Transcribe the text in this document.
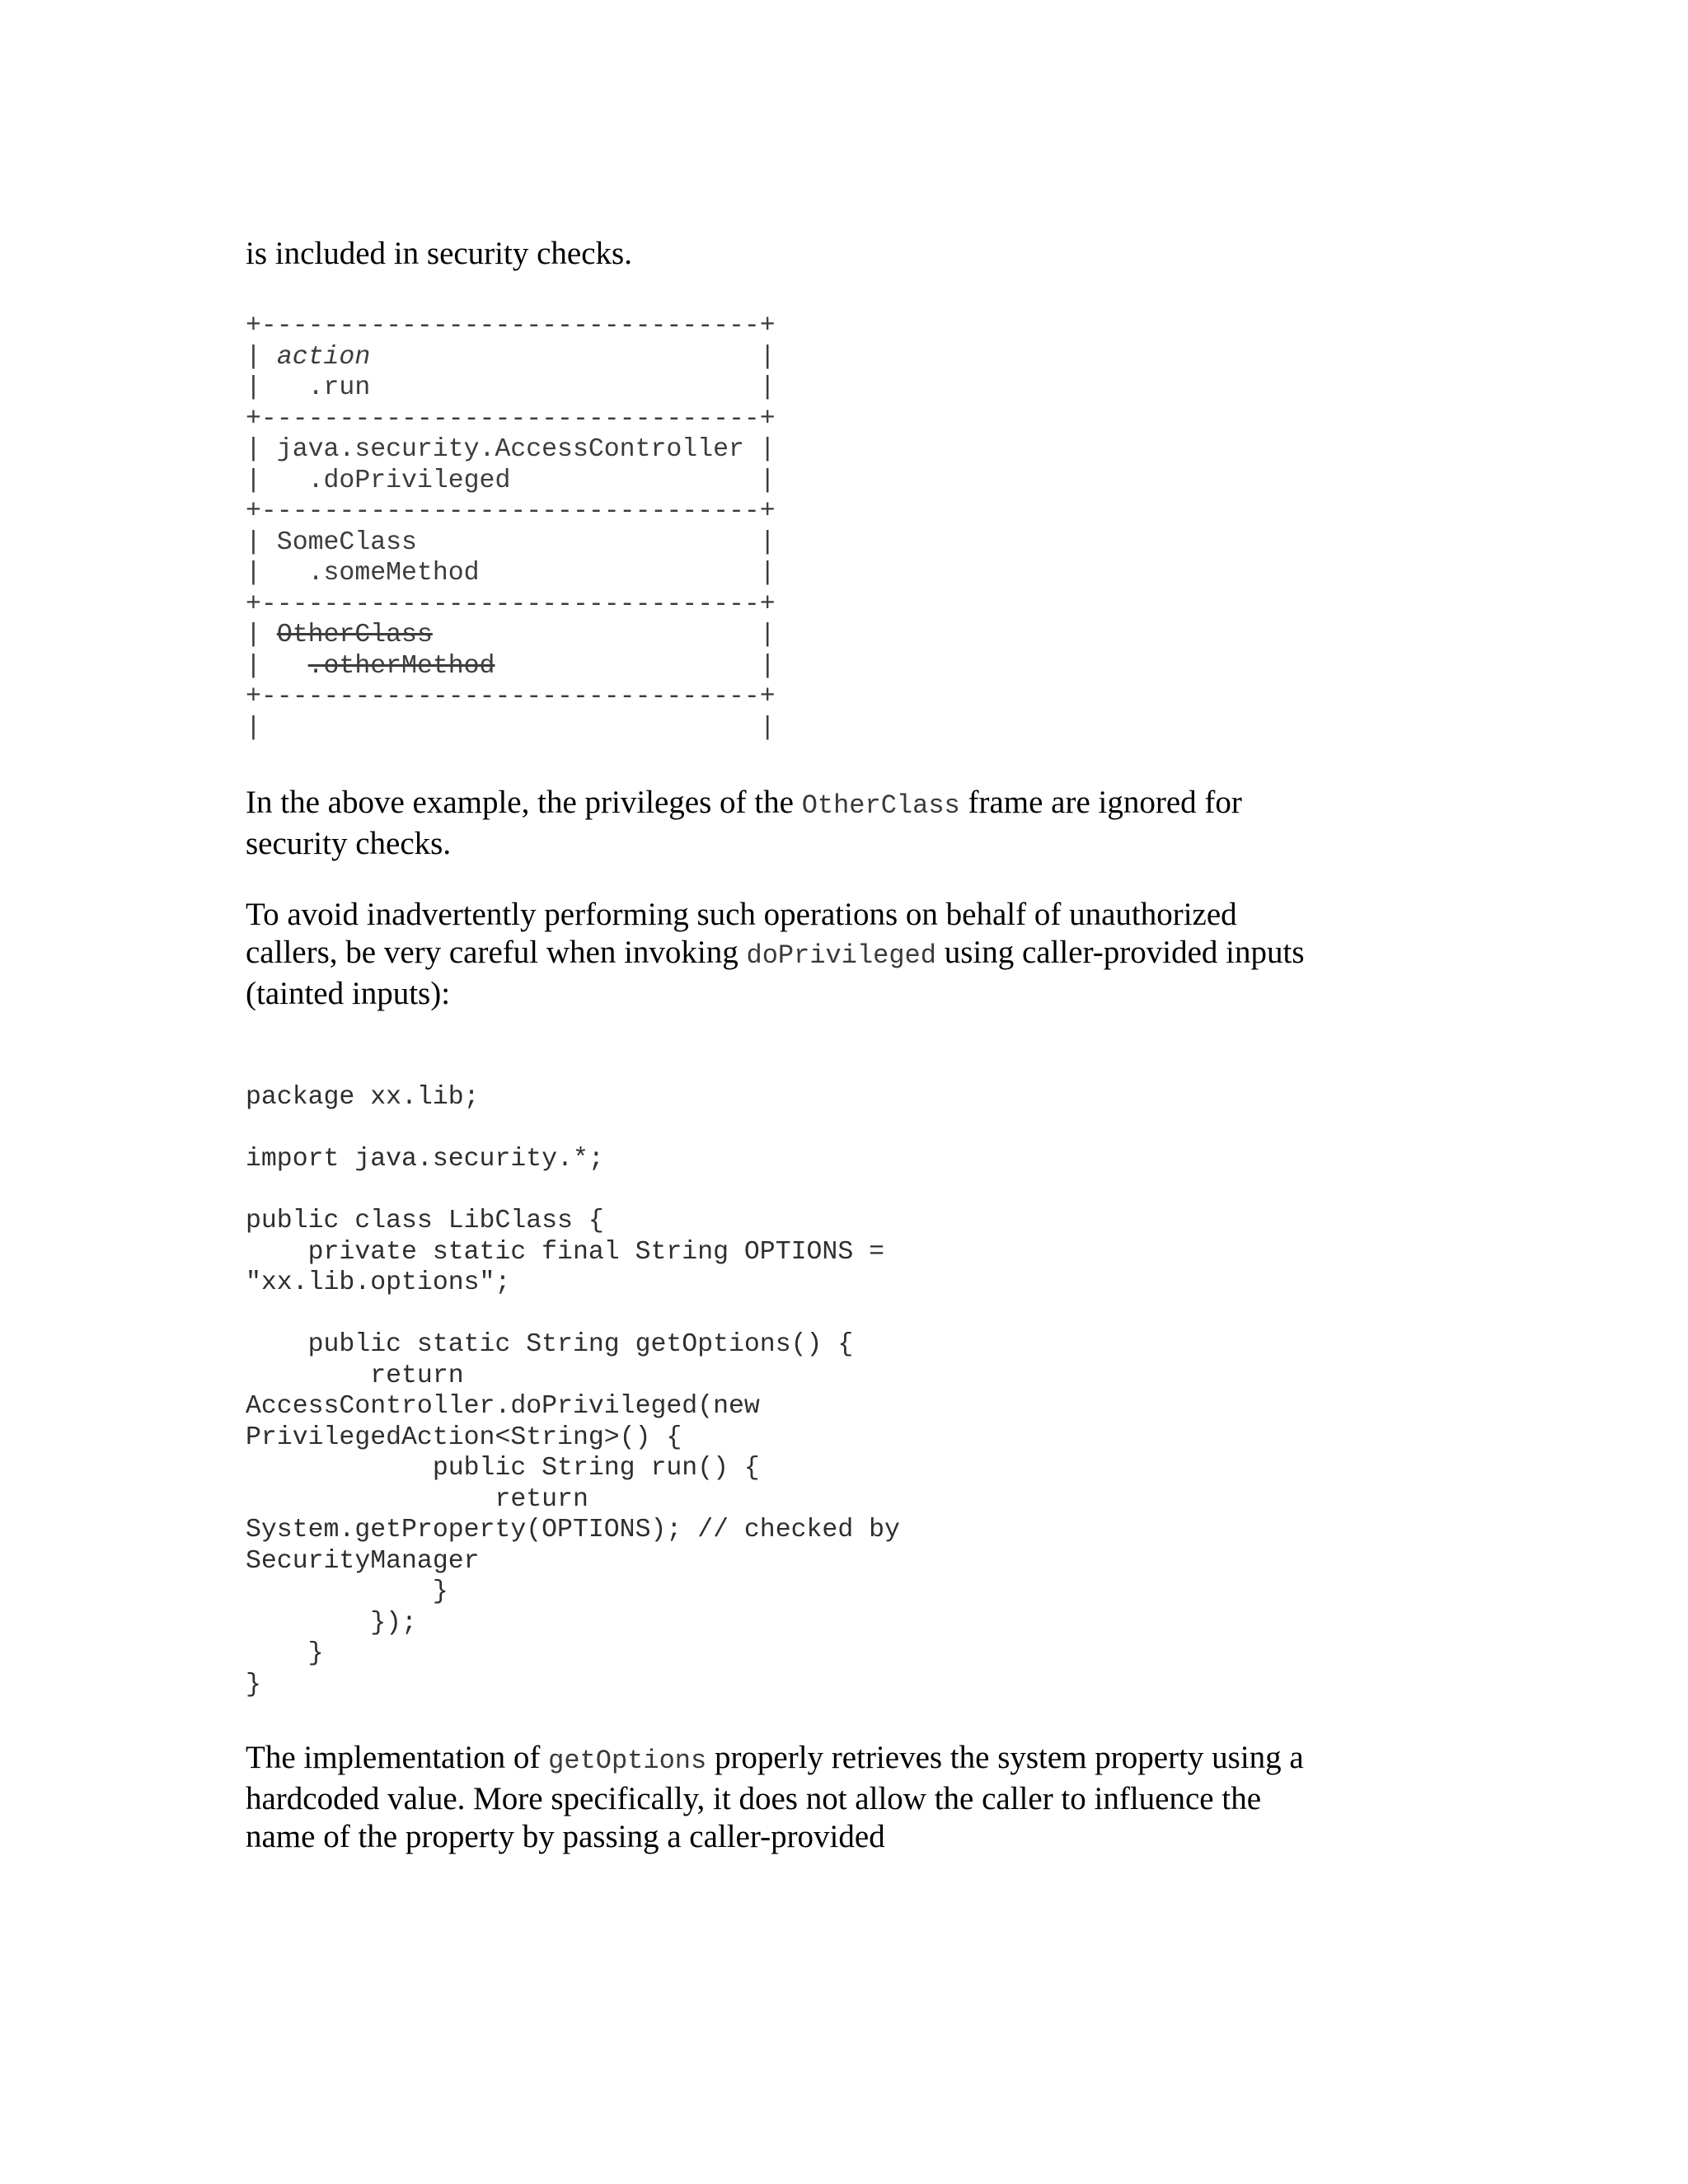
is included in security checks.

+--------------------------------+
| action                         |
|   .run                         |
+--------------------------------+
| java.security.AccessController |
|   .doPrivileged                |
+--------------------------------+
| SomeClass                      |
|   .someMethod                  |
+--------------------------------+
| OtherClass                     |
|   .otherMethod                 |
+--------------------------------+
|                                |

In the above example, the privileges of the OtherClass frame are ignored for security checks.

To avoid inadvertently performing such operations on behalf of unauthorized callers, be very careful when invoking doPrivileged using caller-provided inputs (tainted inputs):

package xx.lib;
import java.security.*;
public class LibClass {
private static final String OPTIONS =
"xx.lib.options";
public static String getOptions() {
return
AccessController.doPrivileged(new
PrivilegedAction<String>() {
public String run() {
return
System.getProperty(OPTIONS); // checked by
SecurityManager
}
});
}
}

The implementation of getOptions properly retrieves the system property using a hardcoded value. More specifically, it does not allow the caller to influence the name of the property by passing a caller-provided
